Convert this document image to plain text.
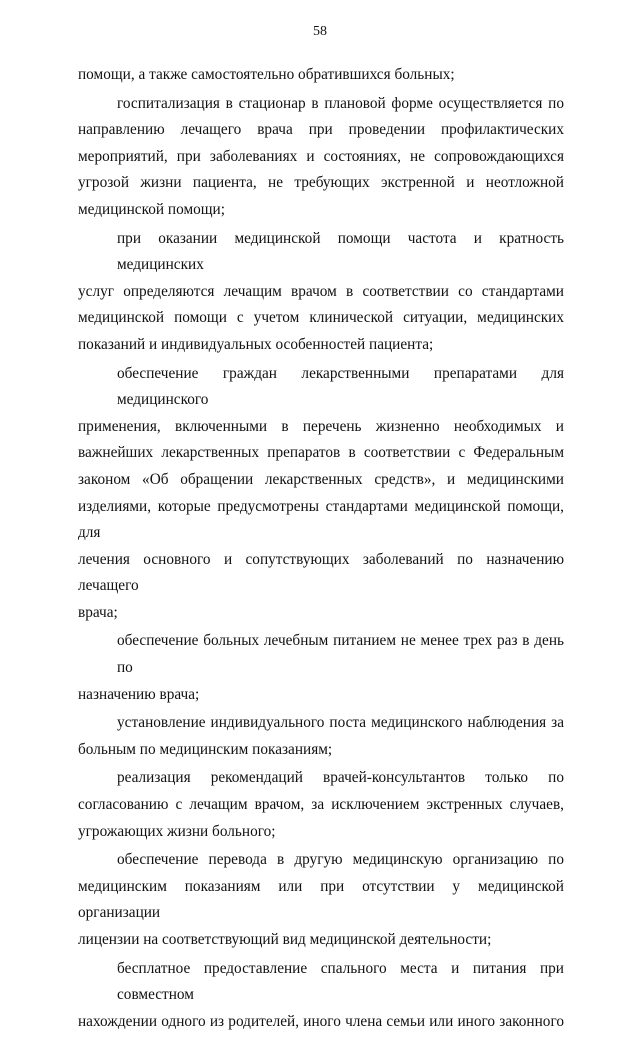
58

помощи, а также самостоятельно обратившихся больных;

госпитализация в стационар в плановой форме осуществляется по
направлению лечащего врача при проведении профилактических
мероприятий, при заболеваниях и состояниях, не сопровождающихся
угрозой жизни пациента, не требующих экстренной и неотложной
медицинской помощи;

при оказании медицинской помощи частота и кратность медицинских
услуг определяются лечащим врачом в соответствии со стандартами
медицинской помощи с учетом клинической ситуации, медицинских
показаний и индивидуальных особенностей пациента;

обеспечение граждан лекарственными препаратами для медицинского
применения, включенными в перечень жизненно необходимых и
важнейших лекарственных препаратов в соответствии с Федеральным
законом «Об обращении лекарственных средств», и медицинскими
изделиями, которые предусмотрены стандартами медицинской помощи, для
лечения основного и сопутствующих заболеваний по назначению лечащего
врача;

обеспечение больных лечебным питанием не менее трех раз в день по
назначению врача;

установление индивидуального поста медицинского наблюдения за
больным по медицинским показаниям;

реализация рекомендаций врачей-консультантов только по
согласованию с лечащим врачом, за исключением экстренных случаев,
угрожающих жизни больного;

обеспечение перевода в другую медицинскую организацию по
медицинским показаниям или при отсутствии у медицинской организации
лицензии на соответствующий вид медицинской деятельности;

бесплатное предоставление спального места и питания при совместном
нахождении одного из родителей, иного члена семьи или иного законного
